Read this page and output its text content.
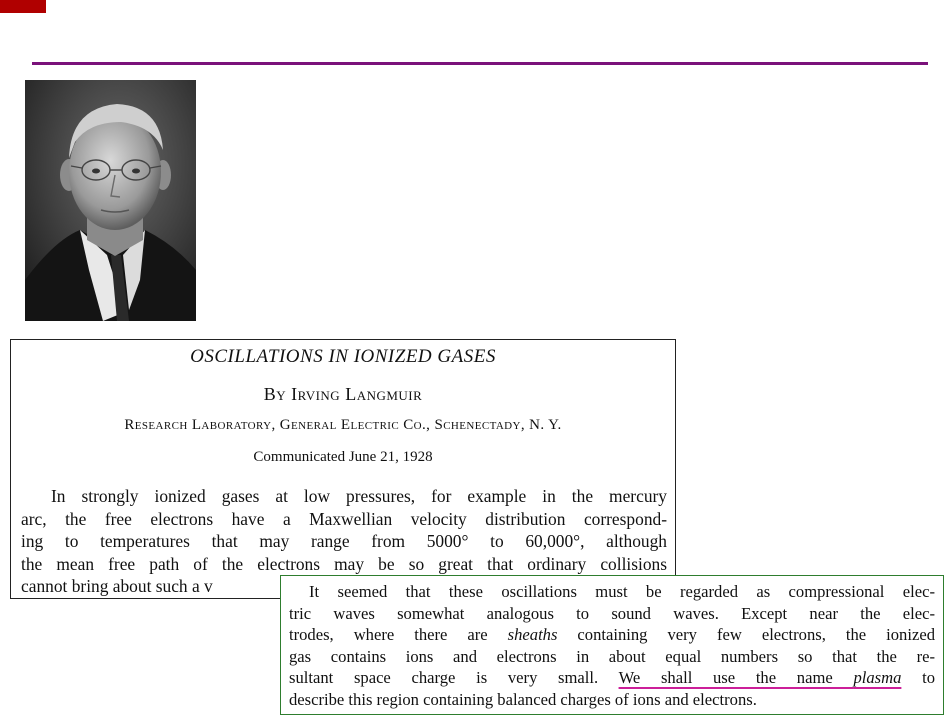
OSCILLATIONS IN IONIZED GASES
By Irving Langmuir
Research Laboratory, General Electric Co., Schenectady, N. Y.
Communicated June 21, 1928
In strongly ionized gases at low pressures, for example in the mercury
arc, the free electrons have a Maxwellian velocity distribution correspond-
ing to temperatures that may range from 5000° to 60,000°, although
the mean free path of the electrons may be so great that ordinary collisions
cannot bring about such a v	It seemed that these oscillations must be regarded as compressional elec-
tric waves somewhat analogous to sound waves. Except near the elec-
trodes, where there are sheaths containing very few electrons, the ionized
gas contains ions and electrons in about equal numbers so that the re-
sultant space charge is very small. We shall use the name plasma to
describe this region containing balanced charges of ions and electrons.
